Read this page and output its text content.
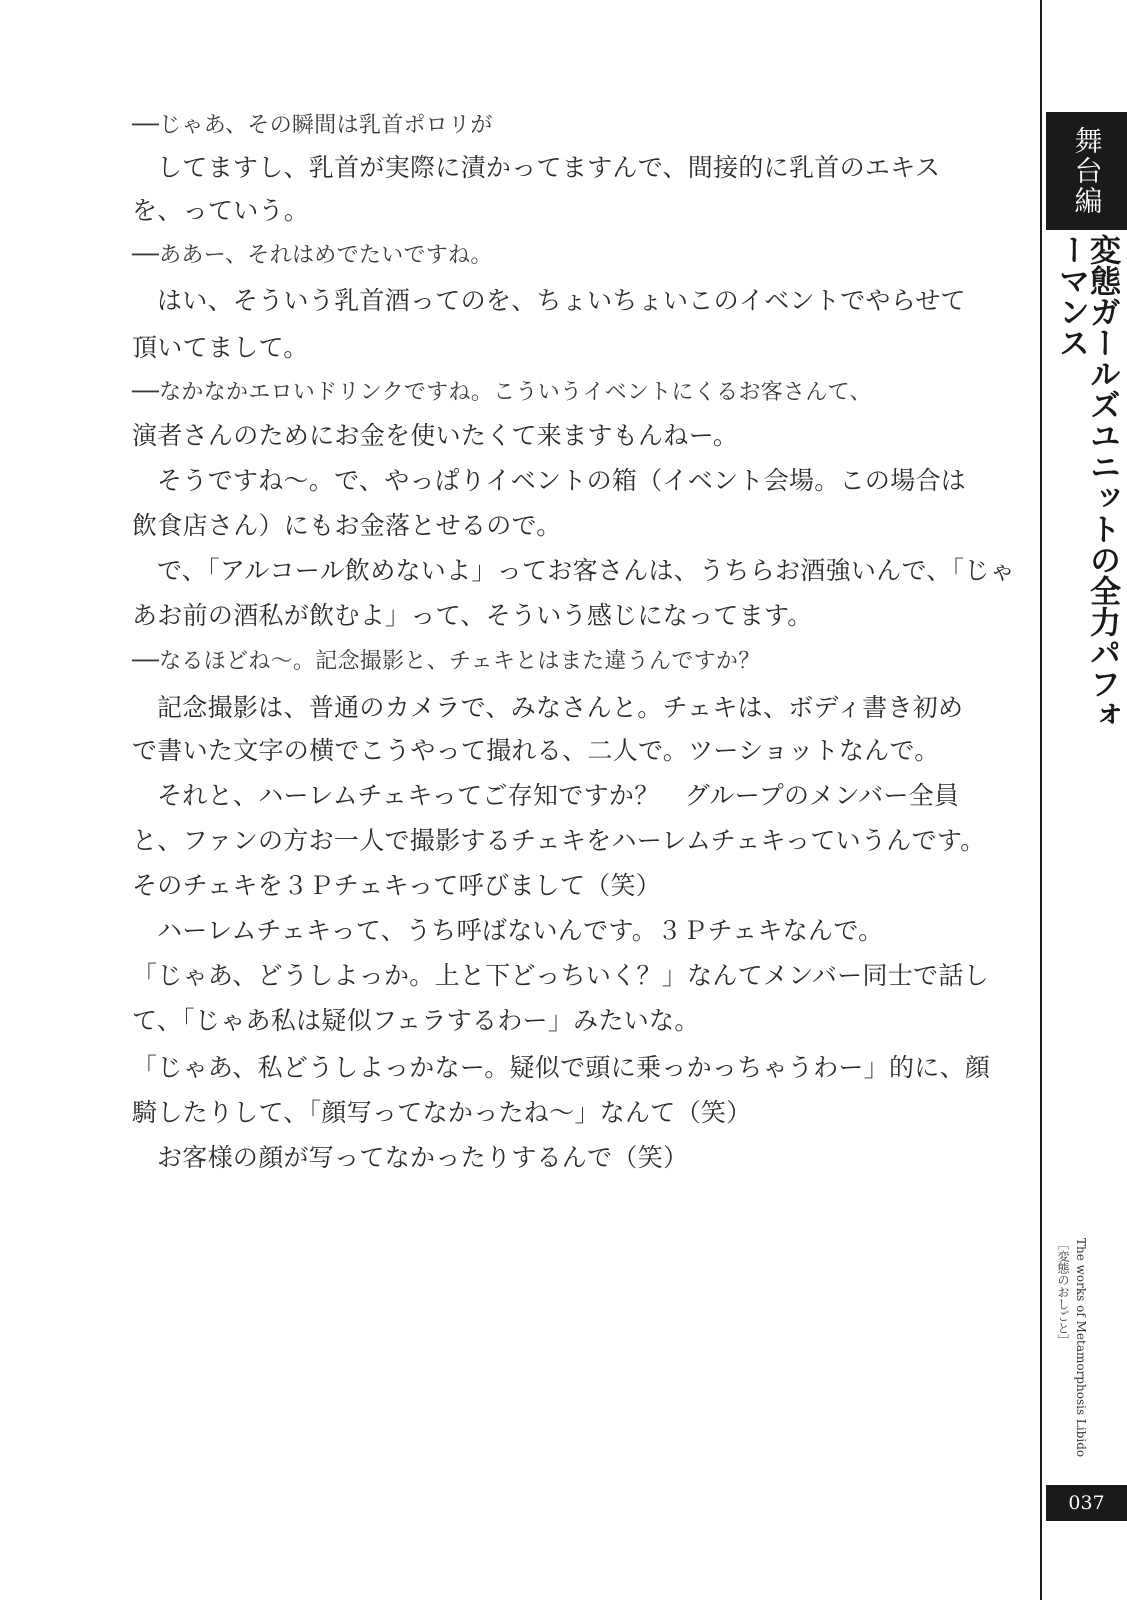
──じゃあ、その瞬間は乳首ポロリが
してますし、乳首が実際に漬かってますんで、間接的に乳首のエキス
を、っていう。
──ああー、それはめでたいですね。
はい、そういう乳首酒ってのを、ちょいちょいこのイベントでやらせて
頂いてまして。
──なかなかエロいドリンクですね。こういうイベントにくるお客さんて、
演者さんのためにお金を使いたくて来ますもんねー。
そうですね～。で、やっぱりイベントの箱（イベント会場。この場合は
飲食店さん）にもお金落とせるので。
で、「アルコール飲めないよ」ってお客さんは、うちらお酒強いんで、「じゃ
あお前の酒私が飲むよ」って、そういう感じになってます。
──なるほどね～。記念撮影と、チェキとはまた違うんですか？
記念撮影は、普通のカメラで、みなさんと。チェキは、ボディ書き初め
で書いた文字の横でこうやって撮れる、二人で。ツーショットなんで。
それと、ハーレムチェキってご存知ですか？　グループのメンバー全員
と、ファンの方お一人で撮影するチェキをハーレムチェキっていうんです。
そのチェキを３Ｐチェキって呼びまして（笑）
ハーレムチェキって、うち呼ばないんです。３Ｐチェキなんで。
「じゃあ、どうしよっか。上と下どっちいく？」なんてメンバー同士で話し
て、「じゃあ私は疑似フェラするわー」みたいな。
「じゃあ、私どうしよっかなー。疑似で頭に乗っかっちゃうわー」的に、顔
騎したりして、「顔写ってなかったね～」なんて（笑）
お客様の顔が写ってなかったりするんで（笑）
舞台編
変態ガールズユニットの全力パフォーマンス
The works of Metamorphosis Libido
［変態のおしごと］
037
